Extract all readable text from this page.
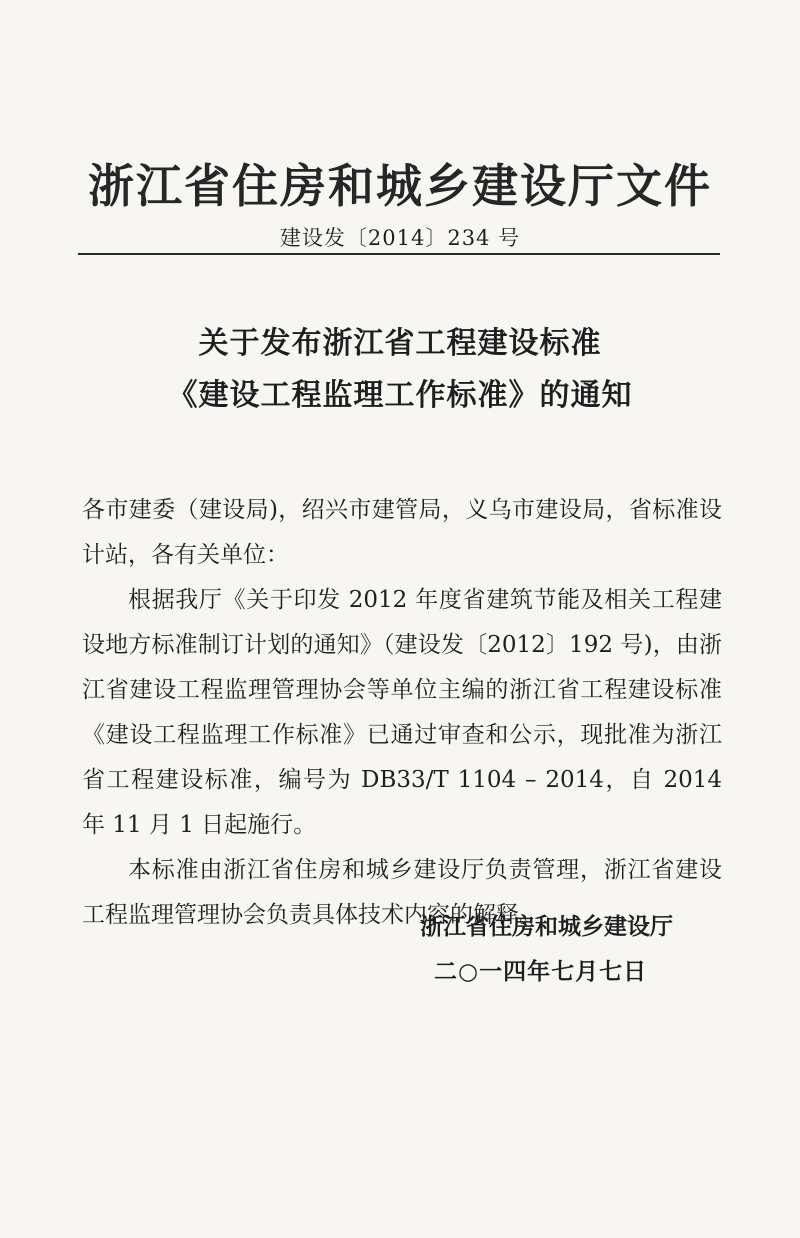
浙江省住房和城乡建设厅文件
建设发〔2014〕234 号
关于发布浙江省工程建设标准
《建设工程监理工作标准》的通知

各市建委（建设局)，绍兴市建管局，义乌市建设局，省标准设计站，各有关单位：

根据我厅《关于印发 2012 年度省建筑节能及相关工程建设地方标准制订计划的通知》（建设发〔2012〕192 号)，由浙江省建设工程监理管理协会等单位主编的浙江省工程建设标准《建设工程监理工作标准》已通过审查和公示，现批准为浙江省工程建设标准，编号为 DB33/T 1104 – 2014，自 2014 年 11 月 1 日起施行。

本标准由浙江省住房和城乡建设厅负责管理，浙江省建设工程监理管理协会负责具体技术内容的解释。

浙江省住房和城乡建设厅
二○一四年七月七日
